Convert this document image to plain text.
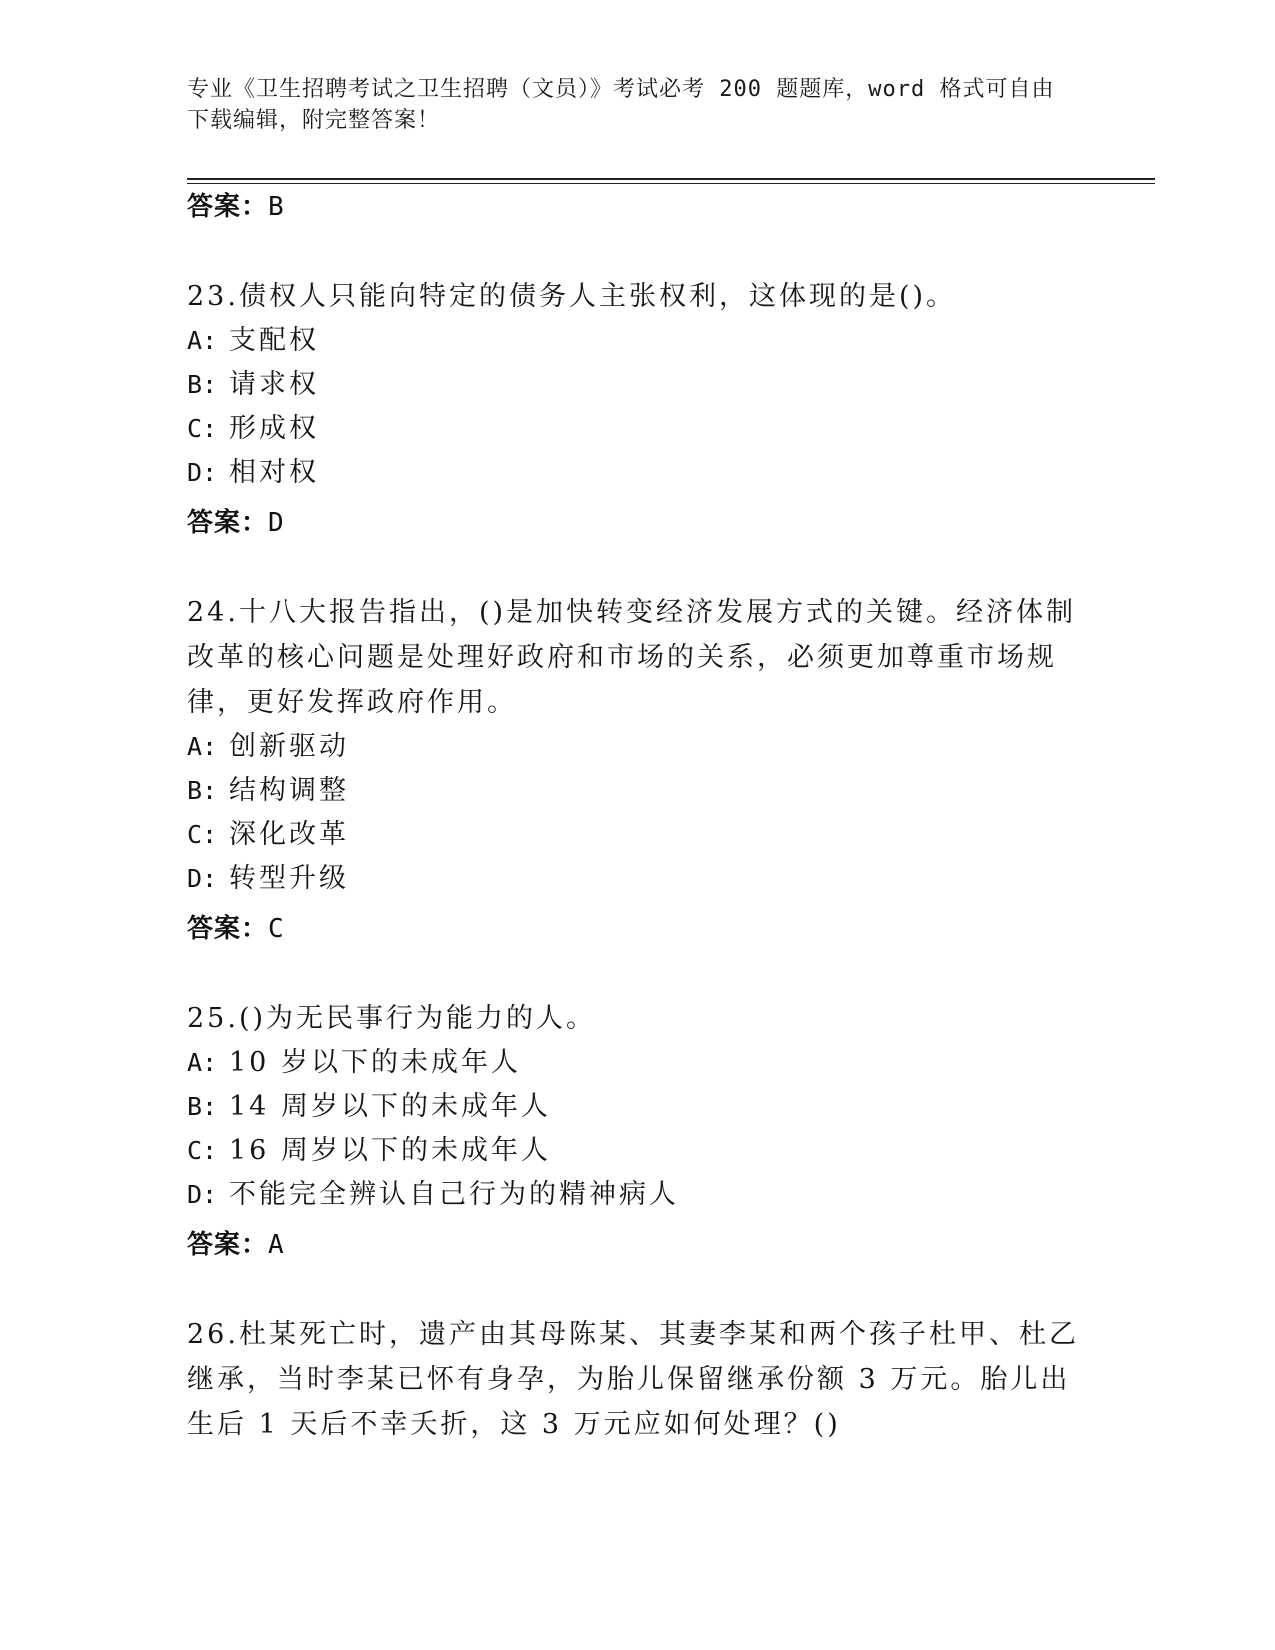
专业《卫生招聘考试之卫生招聘（文员）》考试必考 200 题题库，word 格式可自由下载编辑，附完整答案！
答案：B
23.债权人只能向特定的债务人主张权利，这体现的是()。
A: 支配权
B: 请求权
C: 形成权
D: 相对权
答案：D
24.十八大报告指出，()是加快转变经济发展方式的关键。经济体制改革的核心问题是处理好政府和市场的关系，必须更加尊重市场规律，更好发挥政府作用。
A: 创新驱动
B: 结构调整
C: 深化改革
D: 转型升级
答案：C
25.()为无民事行为能力的人。
A: 10 岁以下的未成年人
B: 14 周岁以下的未成年人
C: 16 周岁以下的未成年人
D: 不能完全辨认自己行为的精神病人
答案：A
26.杜某死亡时，遗产由其母陈某、其妻李某和两个孩子杜甲、杜乙继承，当时李某已怀有身孕，为胎儿保留继承份额 3 万元。胎儿出生后 1 天后不幸夭折，这 3 万元应如何处理？()
